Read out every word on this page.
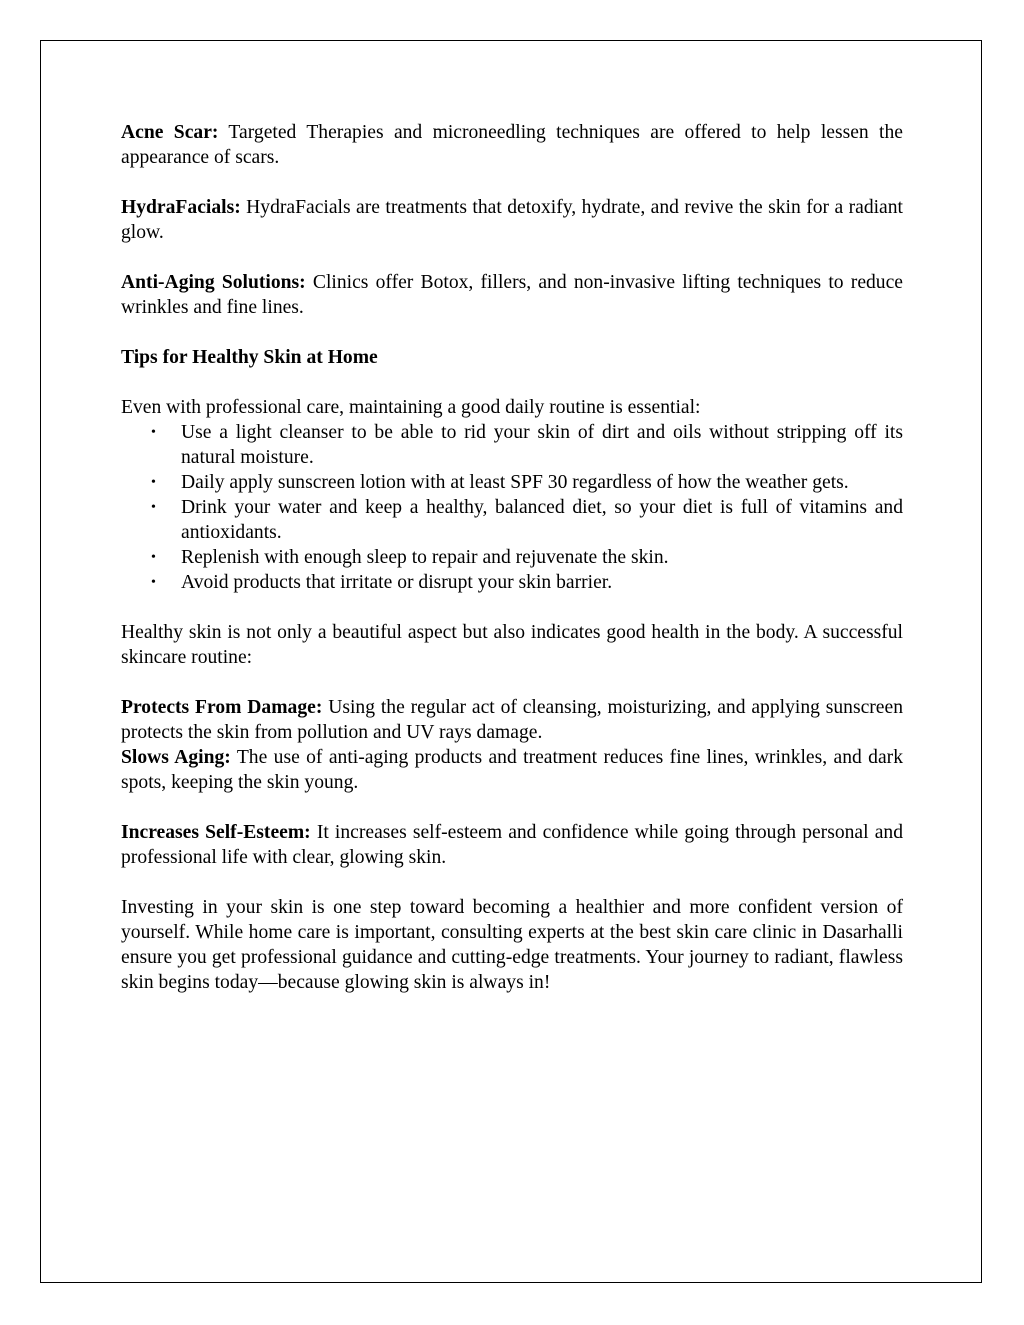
Acne Scar: Targeted Therapies and microneedling techniques are offered to help lessen the appearance of scars.

HydraFacials: HydraFacials are treatments that detoxify, hydrate, and revive the skin for a radiant glow.

Anti-Aging Solutions: Clinics offer Botox, fillers, and non-invasive lifting techniques to reduce wrinkles and fine lines.

Tips for Healthy Skin at Home

Even with professional care, maintaining a good daily routine is essential:

• Use a light cleanser to be able to rid your skin of dirt and oils without stripping off its natural moisture.
• Daily apply sunscreen lotion with at least SPF 30 regardless of how the weather gets.
• Drink your water and keep a healthy, balanced diet, so your diet is full of vitamins and antioxidants.
• Replenish with enough sleep to repair and rejuvenate the skin.
• Avoid products that irritate or disrupt your skin barrier.

Healthy skin is not only a beautiful aspect but also indicates good health in the body. A successful skincare routine:

Protects From Damage: Using the regular act of cleansing, moisturizing, and applying sunscreen protects the skin from pollution and UV rays damage.

Slows Aging: The use of anti-aging products and treatment reduces fine lines, wrinkles, and dark spots, keeping the skin young.

Increases Self-Esteem: It increases self-esteem and confidence while going through personal and professional life with clear, glowing skin.

Investing in your skin is one step toward becoming a healthier and more confident version of yourself. While home care is important, consulting experts at the best skin care clinic in Dasarhalli ensure you get professional guidance and cutting-edge treatments. Your journey to radiant, flawless skin begins today—because glowing skin is always in!
